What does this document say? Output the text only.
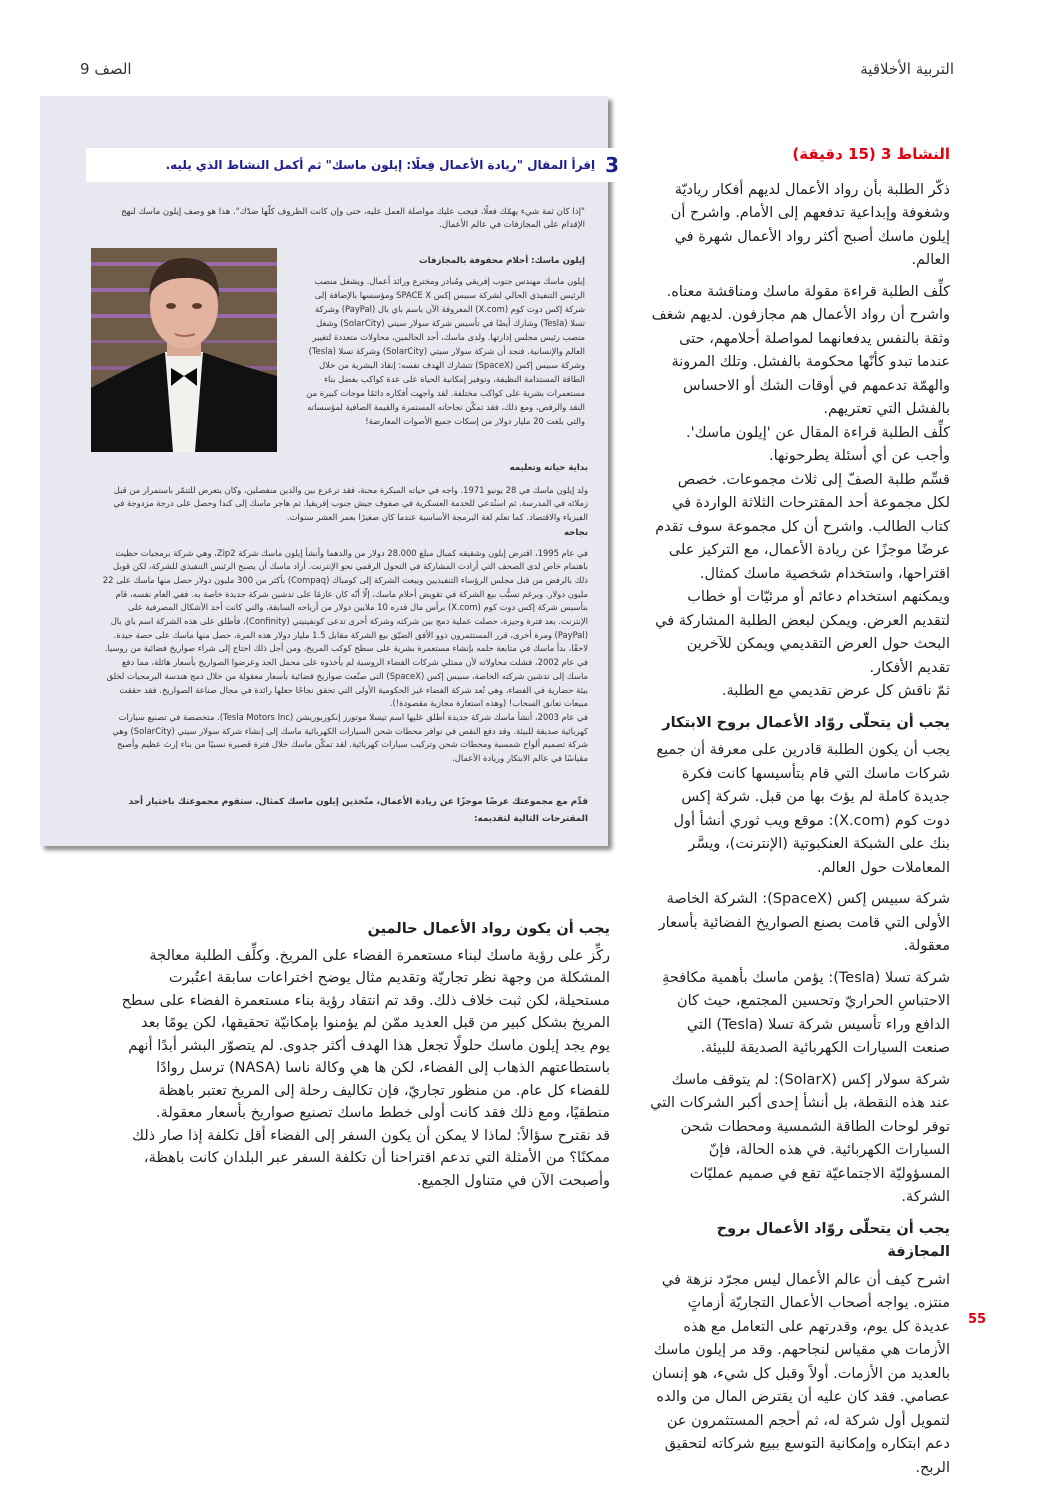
التربية الأخلاقية
الصف 9
النشاط 3 (15 دقيقة)

ذكّر الطلبة بأن رواد الأعمال لديهم أفكار رياديّة وشغوفة وإبداعية تدفعهم إلى الأمام. واشرح أن إيلون ماسك أصبح أكثر رواد الأعمال شهرة في العالم.

كلِّف الطلبة قراءة مقولة ماسك ومناقشة معناه. واشرح أن رواد الأعمال هم مجازفون. لديهم شغف وثقة بالنفس يدفعانهما لمواصلة أحلامهم، حتى عندما تبدو كأنّها محكومة بالفشل. وتلك المرونة والهمّة تدعمهم في أوقات الشك أو الاحساس بالفشل التي تعتريهم.

كلِّف الطلبة قراءة المقال عن 'إيلون ماسك'. وأجب عن أي أسئلة يطرحونها.

قسِّم طلبة الصفّ إلى ثلاث مجموعات. خصص لكل مجموعة أحد المقترحات الثلاثة الواردة في كتاب الطالب. واشرح أن كل مجموعة سوف تقدم عرضًا موجزًا عن ريادة الأعمال، مع التركيز على اقتراحها، واستخدام شخصية ماسك كمثال. ويمكنهم استخدام دعائم أو مرئيّات أو خطاب لتقديم العرض. ويمكن لبعض الطلبة المشاركة في البحث حول العرض التقديمي ويمكن للآخرين تقديم الأفكار.

ثمّ ناقش كل عرض تقديمي مع الطلبة.

يجب أن يتحلّى روّاد الأعمال بروح الابتكار

يجب أن يكون الطلبة قادرين على معرفة أن جميع شركات ماسك التي قام بتأسيسها كانت فكرة جديدة كاملة لم يؤتَ بها من قبل. شركة إكس دوت كوم (X.com): موقع ويب ثوري أنشأ أول بنك على الشبكة العنكبوتية (الإنترنت)، ويسَّر المعاملات حول العالم.

شركة سبيس إكس (SpaceX): الشركة الخاصة الأولى التي قامت بصنع الصواريخ الفضائية بأسعار معقولة.

شركة تسلا (Tesla): يؤمن ماسك بأهمية مكافحةِ الاحتباسِ الحراريّ وتحسين المجتمع، حيث كان الدافع وراء تأسيس شركة تسلا (Tesla) التي صنعت السيارات الكهربائية الصديقة للبيئة.

شركة سولار إكس (SolarX): لم يتوقف ماسك عند هذه النقطة، بل أنشأ إحدى أكبر الشركات التي توفر لوحات الطاقة الشمسية ومحطات شحن السيارات الكهربائية. في هذه الحالة، فإنّ المسؤوليّة الاجتماعيّة تقع في صميم عمليّات الشركة.

يجب أن يتحلّى روّاد الأعمال بروح المجازفة

اشرح كيف أن عالم الأعمال ليس مجرّد نزهة في منتزه. يواجه أصحاب الأعمال التجاريّة أزماتٍ عديدة كل يوم، وقدرتهم على التعامل مع هذه الأزمات هي مقياس لنجاحهم. وقد مر إيلون ماسك بالعديد من الأزمات. أولاً وقبل كل شيء، هو إنسان عصامي. فقد كان عليه أن يقترض المال من والده لتمويل أول شركة له، ثم أحجم المستثمرون عن دعم ابتكاره وإمكانية التوسع ببيع شركاته لتحقيق الربح.

3
اِقرأ المقال "ريادة الأعمال فِعلًا: إيلون ماسك" ثم أكمل النشاط الذي يليه.
"إذا كان ثمة شيء يهمّك فعلًا، فيجب عليك مواصلة العمل عليه، حتى وإن كانت الظروف كلّها ضدّك". هذا هو وصف إيلون ماسك لنهج الإقدام على المجازفات في عالم الأعمال.
إيلون ماسك: أحلام محفوفة بالمجازفات
إيلون ماسك مهندس جنوب إفريقي ومُبادر ومخترع ورائد أعمال. ويشغل منصب الرئيس التنفيذي الحالي لشركة سبيس إكس SPACE X ومؤسسها بالإضافة إلى شركة إكس دوت كوم (X.com) المعروفة الآن باسم باي بال (PayPal) وشركة تسلا (Tesla) وشارك أيضًا في تأسيس شركة سولار سيتي (SolarCity) وشغل منصب رئيس مجلس إدارتها. ولدى ماسك، أحد الحالمين، محاولات متعددة لتغيير العالم والإنسانية. فنجد أن شركة سولار سيتي (SolarCity) وشركة تسلا (Tesla) وشركة سبيس إكس (SpaceX) تتشارك الهدف نفسه: إنقاذ البشرية من خلال الطاقة المستدامة النظيفة، وتوفير إمكانية الحياة على عدة كواكب بفضل بناء مستعمرات بشرية على كواكب مختلفة. لقد واجهت أفكاره دائمًا موجات كبيرة من النقد والرفض، ومع ذلك، فقد تمكّن نجاحاته المستمرة والقيمة الصافية لمؤسساته والتي بلغت 20 مليار دولار من إسكات جميع الأصوات المعارضة!
بداية حياته وتعليمه
ولد إيلون ماسك في 28 يونيو 1971. واجه في حياته المبكرة محنة، فقد ترعرع بين والدين منفصلين، وكان يتعرض للتنمّر باستمرار من قبل زملائه في المدرسة. ثم استُدعي للخدمة العسكرية في صفوف جيش جنوب إفريقيا. ثم هاجر ماسك إلى كندا وحصل على درجة مزدوجة في الفيزياء والاقتصاد. كما تعلم لغة البرمجة الأساسية عندما كان صغيرًا بعمر العشر سنوات.
نجاحه
في عام 1995، اقترض إيلون وشقيقه كمبال مبلغ 28.000 دولار من والدهما وأنشأ إيلون ماسك شركة Zip2، وهي شركة برمجيات حظيت باهتمام خاص لدى الصحف التي أرادت المشاركة في التحول الرقمي نحو الإنترنت. أراد ماسك أن يصبح الرئيس التنفيذي للشركة، لكن قوبل ذلك بالرفض من قبل مجلس الرؤساء التنفيذيين وبيعت الشركة إلى كومباك (Compaq) بأكثر من 300 مليون دولار حصل منها ماسك على 22 مليون دولار. وبرغم تسبُّب بيع الشركة في تقويض أحلام ماسك، إلّا أنّه كان عازمًا على تدشين شركة جديدة خاصة به. ففي العام نفسه، قام بتأسيس شركة إكس دوت كوم (X.com) برأس مال قدره 10 ملايين دولار من أرباحه السابقة، والتي كانت أحد الأشكال المصرفية على الإنترنت. بعد فترة وجيزة، حصلت عملية دمج بين شركته وشركة أخرى تدعى كونفينيتي (Confinity)، فأطلق على هذه الشركة اسم باي بال (PayPal) ومرة أخرى، قرر المستثمرون ذوو الأفق الضيّق بيع الشركة مقابل 1.5 مليار دولار هذه المرة، حصل منها ماسك على حصة جيدة.
لاحقًا، بدأ ماسك في متابعة حلمه بإنشاء مستعمرة بشرية على سطح كوكب المريخ، ومن أجل ذلك احتاج إلى شراء صواريخ فضائية من روسيا. في عام 2002، فشلت محاولاته لأن ممثلي شركات الفضاء الروسية لم يأخذوه على محمل الجد وعرضوا الصواريخ بأسعار هائلة، مما دفع ماسك إلى تدشين شركته الخاصة، سبيس إكس (SpaceX) التي صنّعت صواريخ فضائية بأسعار معقولة من خلال دمج هندسة البرمجيات لخلق بيئة حضارية في الفضاء، وهي تُعد شركة الفضاء غير الحكومية الأولى التي تحقق نجاحًا جعلها رائدة في مجال صناعة الصواريخ. فقد حققت مبيعات تعانق السحاب! (وهذه استعارة مجازية مقصودة!).
في عام 2003، أنشأ ماسك شركة جديدة أطلق عليها اسم تيسلا موتورز إنكوربوريشن (Tesla Motors Inc). متخصصة في تصنيع سيارات كهربائية صديقة للبيئة. وقد دفع النقص في توافر محطات شحن السيارات الكهربائية ماسك إلى إنشاء شركة سولار سيتي (SolarCity) وهي شركة تصميم ألواح شمسية ومحطات شحن وتركيب سيارات كهربائية. لقد تمكّن ماسك خلال فترة قصيرة نسبيًا من بناء إرث عظيم وأصبح مقياسًا في عالم الابتكار وريادة الأعمال.
قدِّم مع مجموعتك عرضًا موجزًا عن ريادة الأعمال، متّخذين إيلون ماسك كمثال. ستقوم مجموعتك باختيار أحد المقترحات التالية لتقديمه:
يجب أن يكون رواد الأعمال حالمين

ركِّز على رؤية ماسك لبناء مستعمرة الفضاء على المريخ. وكلِّف الطلبة معالجة المشكلة من وجهة نظر تجاريّة وتقديم مثال يوضح اختراعات سابقة اعتُبرت مستحيلة، لكن ثبت خلاف ذلك. وقد تم انتقاد رؤية بناء مستعمرة الفضاء على سطح المريخ بشكل كبير من قبل العديد ممّن لم يؤمنوا بإمكانيّة تحقيقها، لكن يومًا بعد يوم يجد إيلون ماسك حلولًا تجعل هذا الهدف أكثر جدوى. لم يتصوّر البشر أبدًا أنهم باستطاعتهم الذهاب إلى الفضاء، لكن ها هي وكالة ناسا (NASA) ترسل روادًا للفضاء كل عام. من منظور تجاريّ، فإن تكاليف رحلة إلى المريخ تعتبر باهظة منطقيًا، ومع ذلك فقد كانت أولى خطط ماسك تصنيع صواريخ بأسعار معقولة.

قد نقترح سؤالاً: لماذا لا يمكن أن يكون السفر إلى الفضاء أقل تكلفة إذا صار ذلك ممكنًا؟ من الأمثلة التي تدعم اقتراحنا أن تكلفة السفر عبر البلدان كانت باهظة، وأصبحت الآن في متناول الجميع.

55
